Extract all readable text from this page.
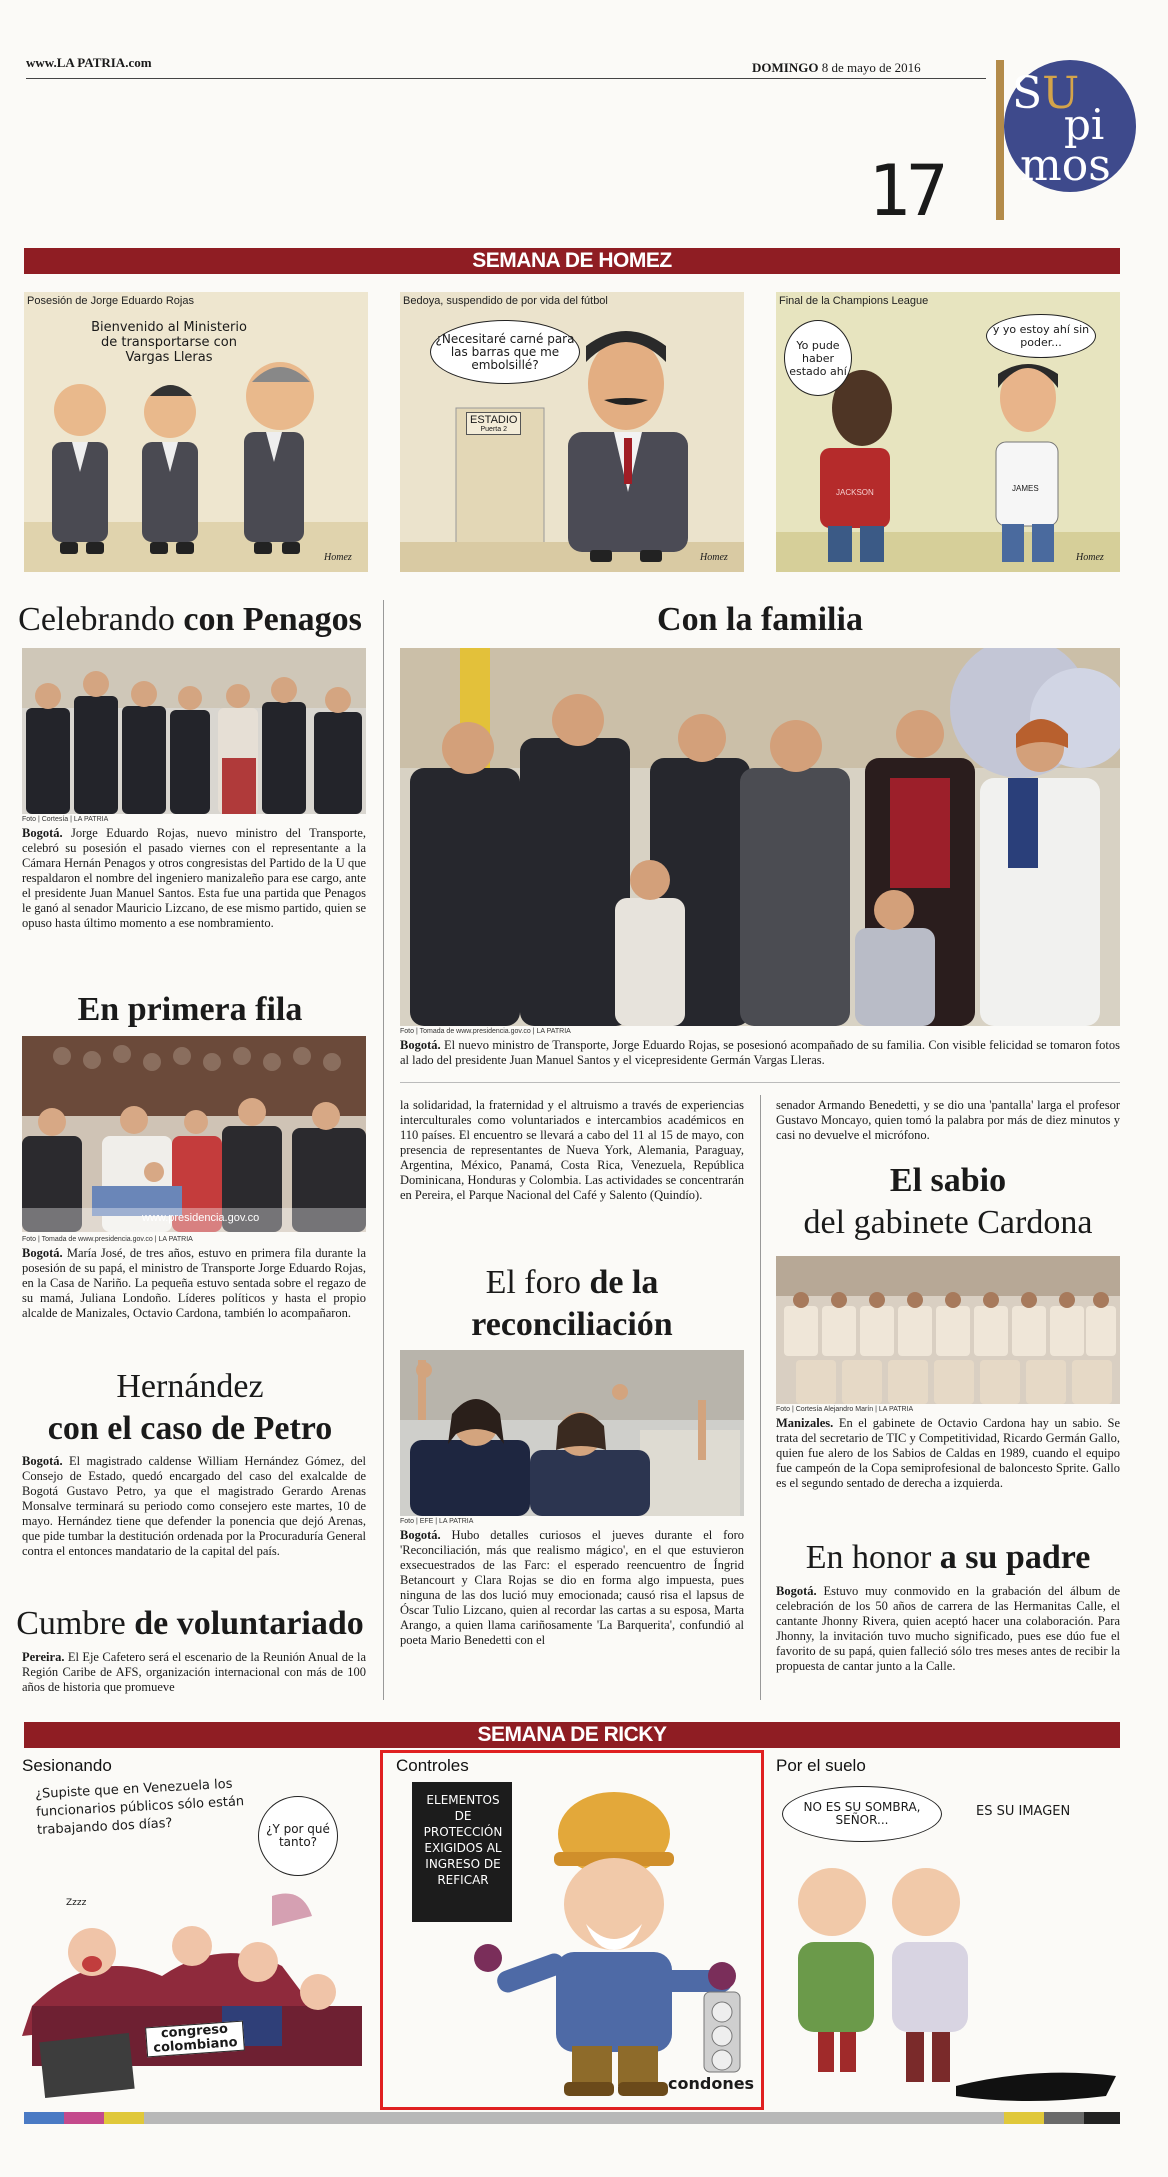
www.LA PATRIA.com	DOMINGO 8 de mayo de 2016
17
SU
pi
mos
SEMANA DE HOMEZ
Posesión de Jorge Eduardo Rojas
Bienvenido al Ministerio de transportarse con Vargas Lleras
Homez
Bedoya, suspendido de por vida del fútbol
¿Necesitaré carné para las barras que me embolsillé?
ESTADIO
Puerta 2
Homez
Final de la Champions League
Yo pude haber estado ahí
y yo estoy ahí sin poder...
JACKSON	JAMES
Homez
Celebrando con Penagos
Foto | Cortesía | LA PATRIA
Bogotá. Jorge Eduardo Rojas, nuevo ministro del Transporte, celebró su posesión el pasado viernes con el representante a la Cámara Hernán Penagos y otros congresistas del Partido de la U que respaldaron el nombre del ingeniero manizaleño para ese cargo, ante el presidente Juan Manuel Santos. Esta fue una partida que Penagos le ganó al senador Mauricio Lizcano, de ese mismo partido, quien se opuso hasta último momento a ese nombramiento.
Con la familia
Foto | Tomada de www.presidencia.gov.co | LA PATRIA
Bogotá. El nuevo ministro de Transporte, Jorge Eduardo Rojas, se posesionó acompañado de su familia. Con visible felicidad se tomaron fotos al lado del presidente Juan Manuel Santos y el vicepresidente Germán Vargas Lleras.
En primera fila
www.presidencia.gov.co
Foto | Tomada de www.presidencia.gov.co | LA PATRIA
Bogotá. María José, de tres años, estuvo en primera fila durante la posesión de su papá, el ministro de Transporte Jorge Eduardo Rojas, en la Casa de Nariño. La pequeña estuvo sentada sobre el regazo de su mamá, Juliana Londoño. Líderes políticos y hasta el propio alcalde de Manizales, Octavio Cardona, también lo acompañaron.
Hernández
con el caso de Petro
Bogotá. El magistrado caldense William Hernández Gómez, del Consejo de Estado, quedó encargado del caso del exalcalde de Bogotá Gustavo Petro, ya que el magistrado Gerardo Arenas Monsalve terminará su periodo como consejero este martes, 10 de mayo. Hernández tiene que defender la ponencia que dejó Arenas, que pide tumbar la destitución ordenada por la Procuraduría General contra el entonces mandatario de la capital del país.
Cumbre de voluntariado
Pereira. El Eje Cafetero será el escenario de la Reunión Anual de la Región Caribe de AFS, organización internacional con más de 100 años de historia que promueve
la solidaridad, la fraternidad y el altruismo a través de experiencias interculturales como voluntariados e intercambios académicos en 110 países. El encuentro se llevará a cabo del 11 al 15 de mayo, con presencia de representantes de Nueva York, Alemania, Paraguay, Argentina, México, Panamá, Costa Rica, Venezuela, República Dominicana, Honduras y Colombia. Las actividades se concentrarán en Pereira, el Parque Nacional del Café y Salento (Quindío).
El foro de la reconciliación
Foto | EFE | LA PATRIA
Bogotá. Hubo detalles curiosos el jueves durante el foro 'Reconciliación, más que realismo mágico', en el que estuvieron exsecuestrados de las Farc: el esperado reencuentro de Íngrid Betancourt y Clara Rojas se dio en forma algo impuesta, pues ninguna de las dos lució muy emocionada; causó risa el lapsus de Óscar Tulio Lizcano, quien al recordar las cartas a su esposa, Marta Arango, a quien llama cariñosamente 'La Barquerita', confundió al poeta Mario Benedetti con el
senador Armando Benedetti, y se dio una 'pantalla' larga el profesor Gustavo Moncayo, quien tomó la palabra por más de diez minutos y casi no devuelve el micrófono.
El sabio
del gabinete Cardona
Foto | Cortesía Alejandro Marín | LA PATRIA
Manizales. En el gabinete de Octavio Cardona hay un sabio. Se trata del secretario de TIC y Competitividad, Ricardo Germán Gallo, quien fue alero de los Sabios de Caldas en 1989, cuando el equipo fue campeón de la Copa semiprofesional de baloncesto Sprite. Gallo es el segundo sentado de derecha a izquierda.
En honor a su padre
Bogotá. Estuvo muy conmovido en la grabación del álbum de celebración de los 50 años de carrera de las Hermanitas Calle, el cantante Jhonny Rivera, quien aceptó hacer una colaboración. Para Jhonny, la invitación tuvo mucho significado, pues ese dúo fue el favorito de su papá, quien falleció sólo tres meses antes de recibir la propuesta de cantar junto a la Calle.
SEMANA DE RICKY
Sesionando
¿Supiste que en Venezuela los funcionarios públicos sólo están trabajando dos días?	¿Y por qué tanto?
Zzzz
congreso colombiano
Controles
ELEMENTOS DE PROTECCIÓN EXIGIDOS AL INGRESO DE REFICAR
condones
Por el suelo
NO ES SU SOMBRA, SEÑOR...
ES SU IMAGEN
